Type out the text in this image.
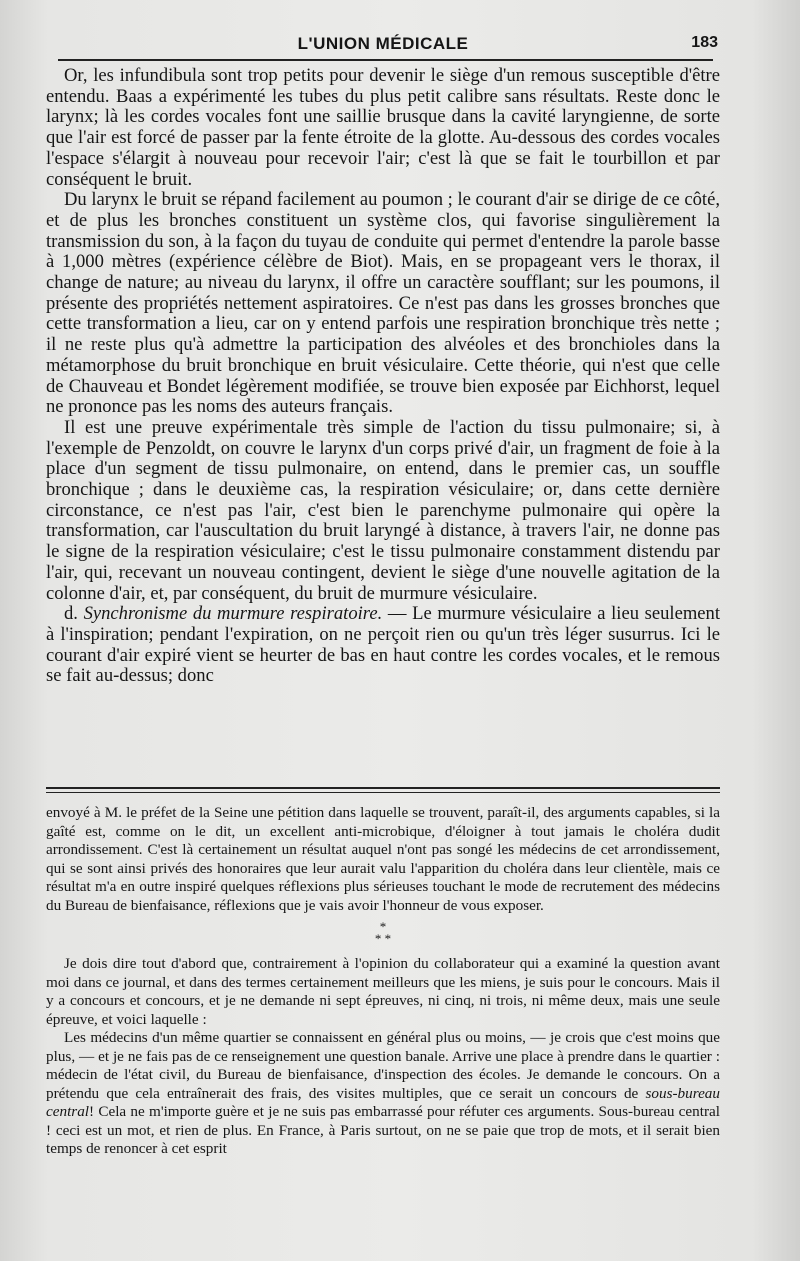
L'UNION MÉDICALE	183

Or, les infundibula sont trop petits pour devenir le siège d'un remous susceptible d'être entendu. Baas a expérimenté les tubes du plus petit calibre sans résultats. Reste donc le larynx; là les cordes vocales font une saillie brusque dans la cavité laryngienne, de sorte que l'air est forcé de passer par la fente étroite de la glotte. Au-dessous des cordes vocales l'espace s'élargit à nouveau pour recevoir l'air; c'est là que se fait le tourbillon et par conséquent le bruit.

Du larynx le bruit se répand facilement au poumon ; le courant d'air se dirige de ce côté, et de plus les bronches constituent un système clos, qui favorise singulièrement la transmission du son, à la façon du tuyau de conduite qui permet d'entendre la parole basse à 1,000 mètres (expérience célèbre de Biot). Mais, en se propageant vers le thorax, il change de nature; au niveau du larynx, il offre un caractère soufflant; sur les poumons, il présente des propriétés nettement aspiratoires. Ce n'est pas dans les grosses bronches que cette transformation a lieu, car on y entend parfois une respiration bronchique très nette ; il ne reste plus qu'à admettre la participation des alvéoles et des bronchioles dans la métamorphose du bruit bronchique en bruit vésiculaire. Cette théorie, qui n'est que celle de Chauveau et Bondet légèrement modifiée, se trouve bien exposée par Eichhorst, lequel ne prononce pas les noms des auteurs français.

Il est une preuve expérimentale très simple de l'action du tissu pulmonaire; si, à l'exemple de Penzoldt, on couvre le larynx d'un corps privé d'air, un fragment de foie à la place d'un segment de tissu pulmonaire, on entend, dans le premier cas, un souffle bronchique ; dans le deuxième cas, la respiration vésiculaire; or, dans cette dernière circonstance, ce n'est pas l'air, c'est bien le parenchyme pulmonaire qui opère la transformation, car l'auscultation du bruit laryngé à distance, à travers l'air, ne donne pas le signe de la respiration vésiculaire; c'est le tissu pulmonaire constamment distendu par l'air, qui, recevant un nouveau contingent, devient le siège d'une nouvelle agitation de la colonne d'air, et, par conséquent, du bruit de murmure vésiculaire.

d. Synchronisme du murmure respiratoire. — Le murmure vésiculaire a lieu seulement à l'inspiration; pendant l'expiration, on ne perçoit rien ou qu'un très léger susurrus. Ici le courant d'air expiré vient se heurter de bas en haut contre les cordes vocales, et le remous se fait au-dessus; donc

envoyé à M. le préfet de la Seine une pétition dans laquelle se trouvent, paraît-il, des arguments capables, si la gaîté est, comme on le dit, un excellent anti-microbique, d'éloigner à tout jamais le choléra dudit arrondissement. C'est là certainement un résultat auquel n'ont pas songé les médecins de cet arrondissement, qui se sont ainsi privés des honoraires que leur aurait valu l'apparition du choléra dans leur clientèle, mais ce résultat m'a en outre inspiré quelques réflexions plus sérieuses touchant le mode de recrutement des médecins du Bureau de bienfaisance, réflexions que je vais avoir l'honneur de vous exposer.

*
* *

Je dois dire tout d'abord que, contrairement à l'opinion du collaborateur qui a examiné la question avant moi dans ce journal, et dans des termes certainement meilleurs que les miens, je suis pour le concours. Mais il y a concours et concours, et je ne demande ni sept épreuves, ni cinq, ni trois, ni même deux, mais une seule épreuve, et voici laquelle :

Les médecins d'un même quartier se connaissent en général plus ou moins, — je crois que c'est moins que plus, — et je ne fais pas de ce renseignement une question banale. Arrive une place à prendre dans le quartier : médecin de l'état civil, du Bureau de bienfaisance, d'inspection des écoles. Je demande le concours. On a prétendu que cela entraînerait des frais, des visites multiples, que ce serait un concours de sous-bureau central! Cela ne m'importe guère et je ne suis pas embarrassé pour réfuter ces arguments. Sous-bureau central ! ceci est un mot, et rien de plus. En France, à Paris surtout, on ne se paie que trop de mots, et il serait bien temps de renoncer à cet esprit
